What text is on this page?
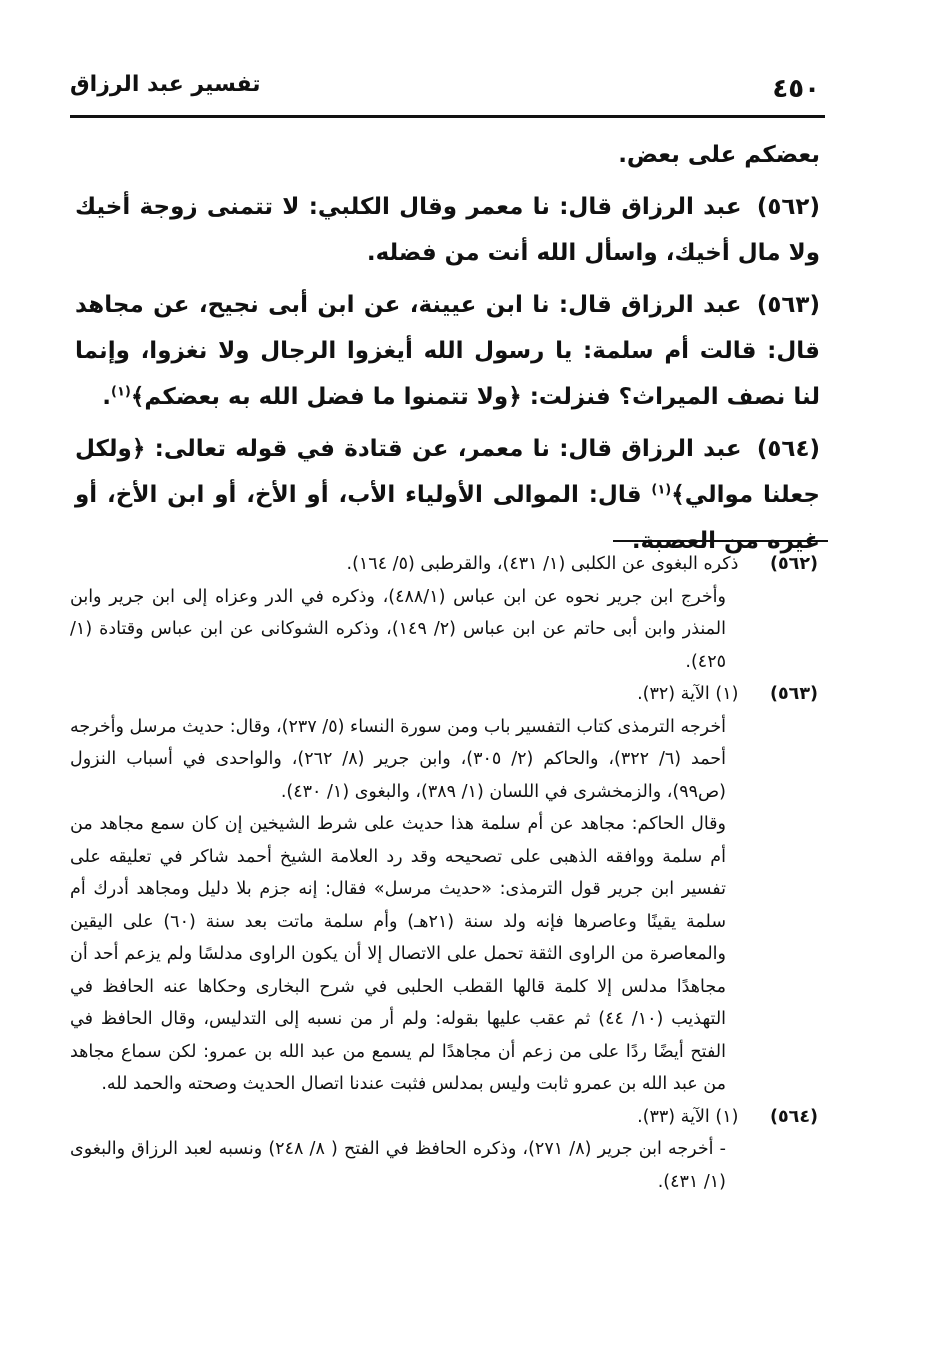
٤٥٠
تفسير عبد الرزاق

بعضكم على بعض.

(٥٦٢) عبد الرزاق قال: نا معمر وقال الكلبي: لا تتمنى زوجة أخيك ولا مال أخيك، واسأل الله أنت من فضله.

(٥٦٣) عبد الرزاق قال: نا ابن عيينة، عن ابن أبى نجيح، عن مجاهد قال: قالت أم سلمة: يا رسول الله أيغزوا الرجال ولا نغزوا، وإنما لنا نصف الميراث؟ فنزلت: ﴿ولا تتمنوا ما فضل الله به بعضكم﴾$^{(١)}$.

(٥٦٤) عبد الرزاق قال: نا معمر، عن قتادة في قوله تعالى: ﴿ولكل جعلنا موالي﴾$^{(١)}$ قال: الموالى الأولياء الأب، أو الأخ، أو ابن الأخ، أو غيره من العصبة.

(٥٦٢) ذكره البغوى عن الكلبى (١/ ٤٣١)، والقرطبى (٥/ ١٦٤).

وأخرج ابن جرير نحوه عن ابن عباس (٤٨٨/١)، وذكره في الدر وعزاه إلى ابن جرير وابن المنذر وابن أبى حاتم عن ابن عباس (٢/ ١٤٩)، وذكره الشوكانى عن ابن عباس وقتادة (١/ ٤٢٥).

(٥٦٣) (١) الآية (٣٢).

أخرجه الترمذى كتاب التفسير باب ومن سورة النساء (٥/ ٢٣٧)، وقال: حديث مرسل وأخرجه أحمد (٦/ ٣٢٢)، والحاكم (٢/ ٣٠٥)، وابن جرير (٨/ ٢٦٢)، والواحدى في أسباب النزول (ص٩٩)، والزمخشرى في اللسان (١/ ٣٨٩)، والبغوى (١/ ٤٣٠).

وقال الحاكم: مجاهد عن أم سلمة هذا حديث على شرط الشيخين إن كان سمع مجاهد من أم سلمة ووافقه الذهبى على تصحيحه وقد رد العلامة الشيخ أحمد شاكر في تعليقه على تفسير ابن جرير قول الترمذى: «حديث مرسل» فقال: إنه جزم بلا دليل ومجاهد أدرك أم سلمة يقينًا وعاصرها فإنه ولد سنة (٢١هـ) وأم سلمة ماتت بعد سنة (٦٠) على اليقين والمعاصرة من الراوى الثقة تحمل على الاتصال إلا أن يكون الراوى مدلسًا ولم يزعم أحد أن مجاهدًا مدلس إلا كلمة قالها القطب الحلبى في شرح البخارى وحكاها عنه الحافظ في التهذيب (١٠/ ٤٤) ثم عقب عليها بقوله: ولم أر من نسبه إلى التدليس، وقال الحافظ في الفتح أيضًا ردًا على من زعم أن مجاهدًا لم يسمع من عبد الله بن عمرو: لكن سماع مجاهد من عبد الله بن عمرو ثابت وليس بمدلس فثبت عندنا اتصال الحديث وصحته والحمد لله.

(٥٦٤) (١) الآية (٣٣).

- أخرجه ابن جرير (٨/ ٢٧١)، وذكره الحافظ في الفتح ( ٨/ ٢٤٨) ونسبه لعبد الرزاق والبغوى (١/ ٤٣١).
